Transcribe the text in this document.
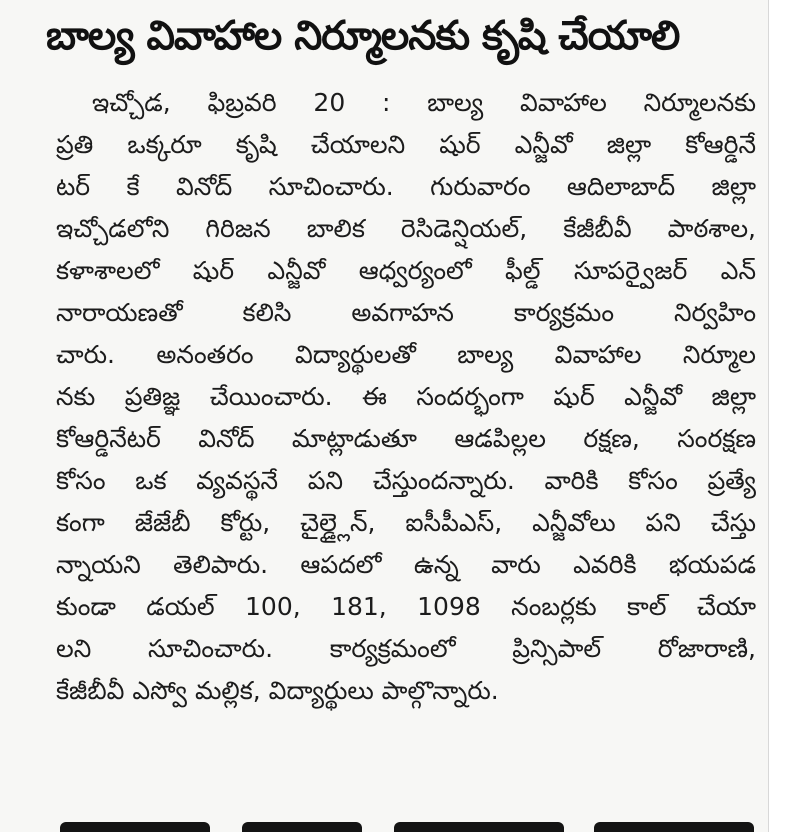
బాల్య వివాహాల నిర్మూలనకు కృషి చేయాలి
ఇచ్చోడ, ఫిబ్రవరి 20 : బాల్య వివాహాల నిర్మూలనకు
ప్రతి ఒక్కరూ కృషి చేయాలని షుర్ ఎన్జీవో జిల్లా కోఆర్డినే
టర్ కే వినోద్ సూచించారు. గురువారం ఆదిలాబాద్ జిల్లా
ఇచ్చోడలోని గిరిజన బాలిక రెసిడెన్షియల్, కేజీబీవీ పాఠశాల,
కళాశాలలో షుర్ ఎన్జీవో ఆధ్వర్యంలో ఫీల్డ్ సూపర్వైజర్ ఎన్
నారాయణతో కలిసి అవగాహన కార్యక్రమం నిర్వహిం
చారు. అనంతరం విద్యార్థులతో బాల్య వివాహాల నిర్మూల
నకు ప్రతిజ్ఞ చేయించారు. ఈ సందర్భంగా షుర్ ఎన్జీవో జిల్లా
కోఆర్డినేటర్ వినోద్ మాట్లాడుతూ ఆడపిల్లల రక్షణ, సంరక్షణ
కోసం ఒక వ్యవస్థనే పని చేస్తుందన్నారు. వారికి కోసం ప్రత్యే
కంగా జేజేబీ కోర్టు, చైల్డ్లైన్, ఐసీపీఎస్, ఎన్జీవోలు పని చేస్తు
న్నాయని తెలిపారు. ఆపదలో ఉన్న వారు ఎవరికి భయపడ
కుండా డయల్ 100, 181, 1098 నంబర్లకు కాల్ చేయా
లని సూచించారు. కార్యక్రమంలో ప్రిన్సిపాల్ రోజారాణి,
కేజీబీవీ ఎస్వో మల్లిక, విద్యార్థులు పాల్గొన్నారు.
